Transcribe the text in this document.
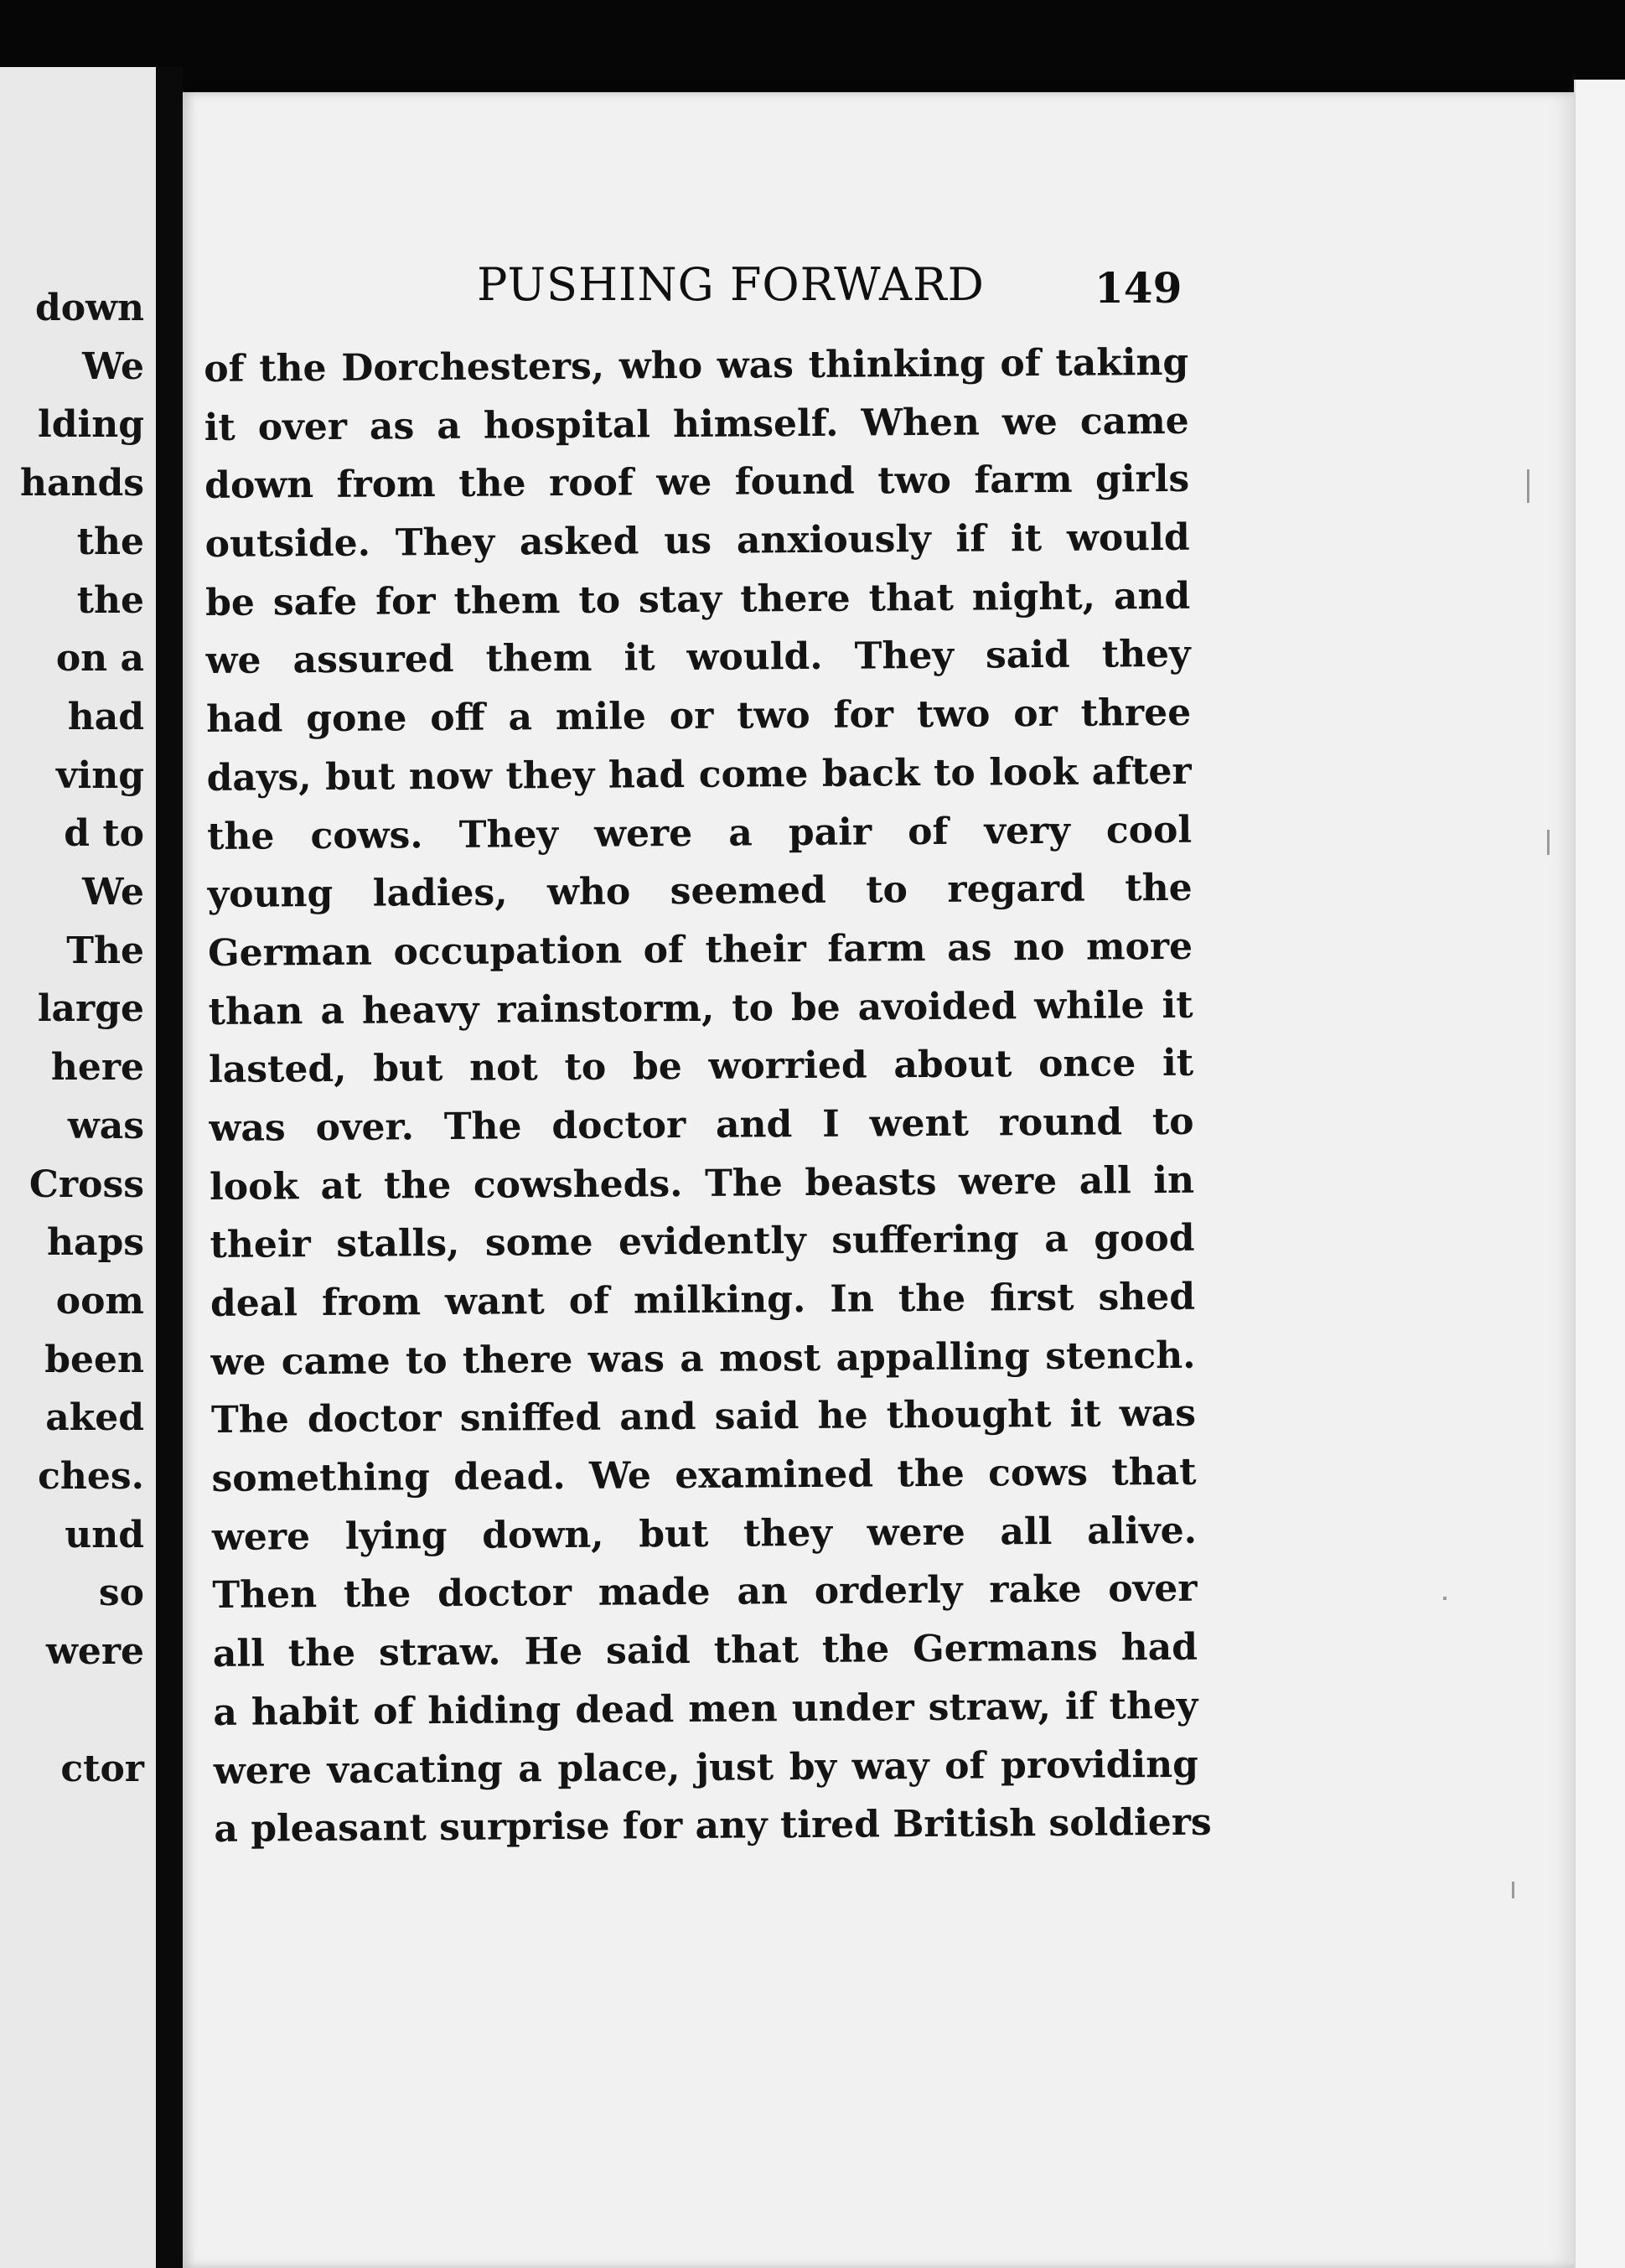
down
We
lding
hands
the
the
on a
had
ving
d to
We
The
large
here
was
Cross
haps
oom
been
aked
ches.
und
so
were
ctor
PUSHING FORWARD	149
of the Dorchesters, who was thinking of taking
it over as a hospital himself. When we came
down from the roof we found two farm girls
outside. They asked us anxiously if it would
be safe for them to stay there that night, and
we assured them it would. They said they
had gone off a mile or two for two or three
days, but now they had come back to look after
the cows. They were a pair of very cool
young ladies, who seemed to regard the
German occupation of their farm as no more
than a heavy rainstorm, to be avoided while it
lasted, but not to be worried about once it
was over. The doctor and I went round to
look at the cowsheds. The beasts were all in
their stalls, some evidently suffering a good
deal from want of milking. In the first shed
we came to there was a most appalling stench.
The doctor sniffed and said he thought it was
something dead. We examined the cows that
were lying down, but they were all alive.
Then the doctor made an orderly rake over
all the straw. He said that the Germans had
a habit of hiding dead men under straw, if they
were vacating a place, just by way of providing
a pleasant surprise for any tired British soldiers
